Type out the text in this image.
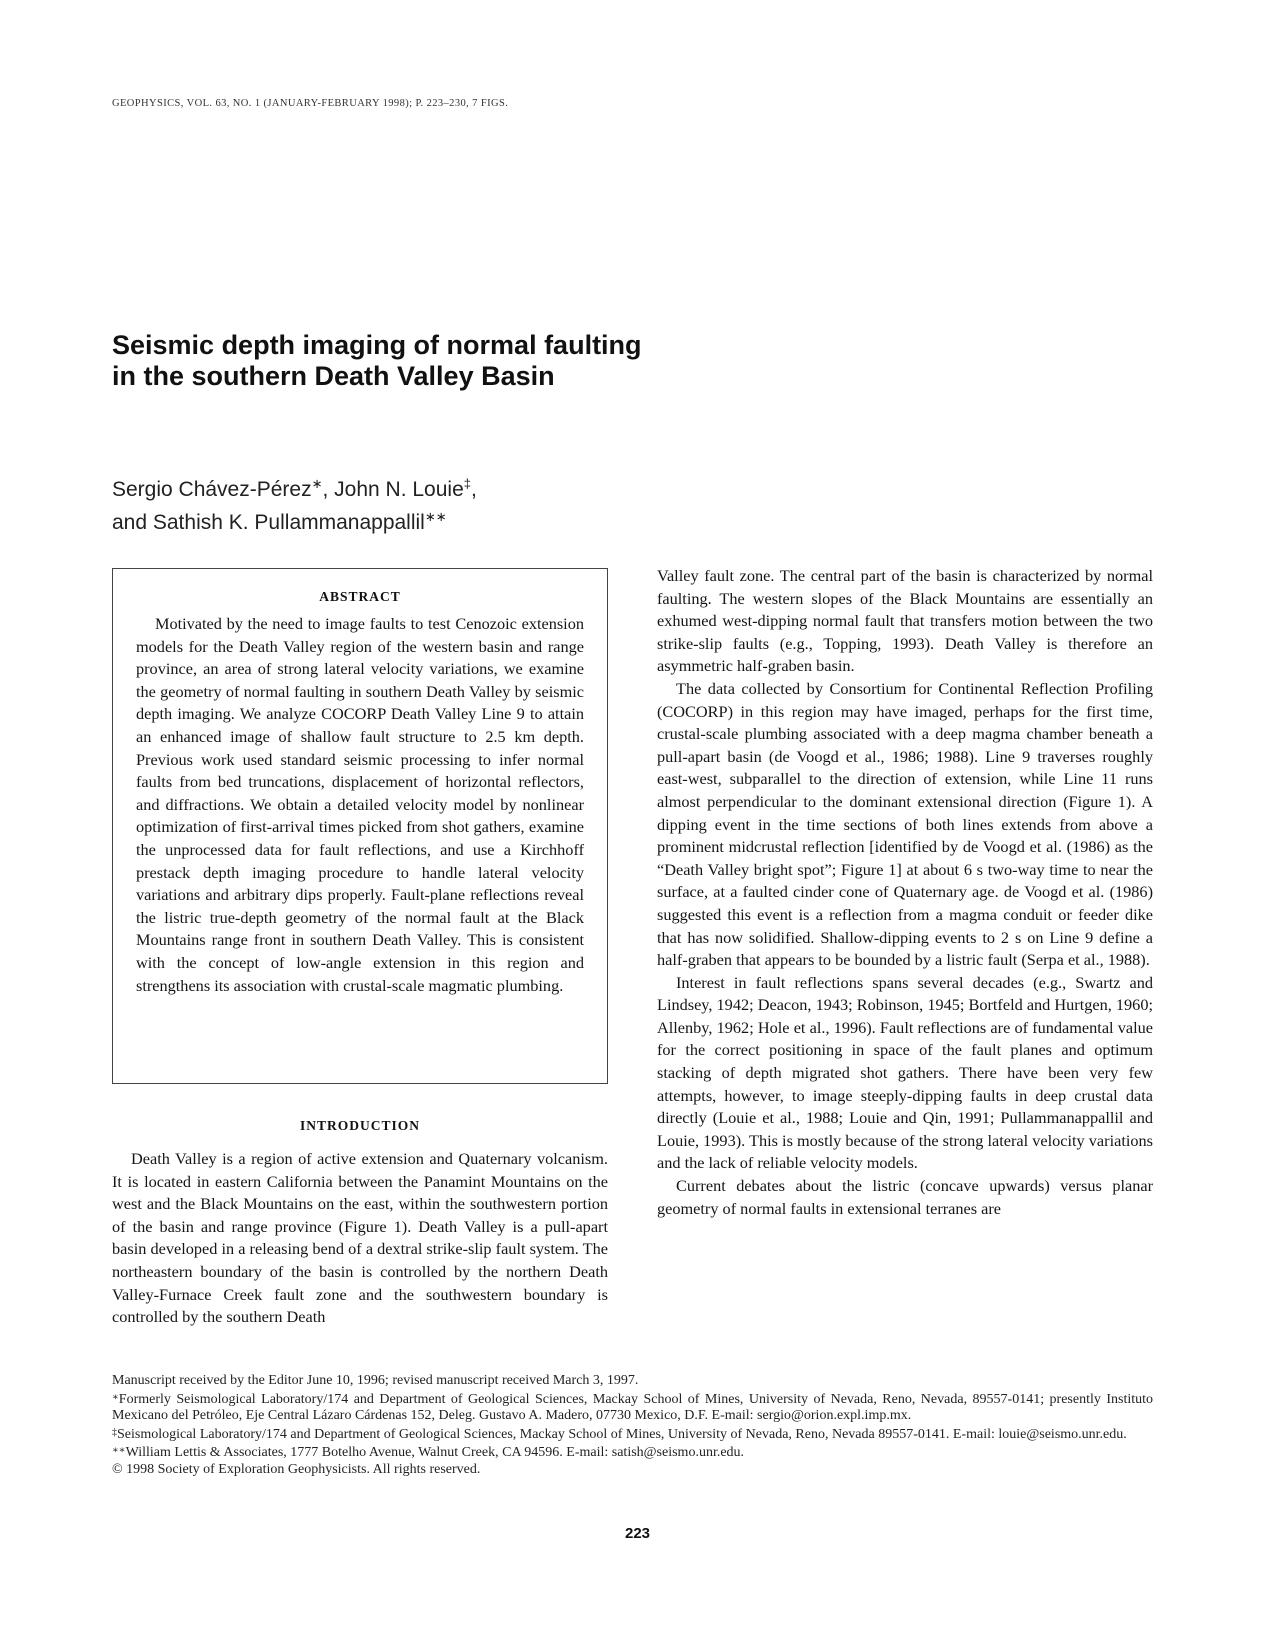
GEOPHYSICS, VOL. 63, NO. 1 (JANUARY-FEBRUARY 1998); P. 223–230, 7 FIGS.
Seismic depth imaging of normal faulting
in the southern Death Valley Basin
Sergio Chávez-Pérez∗, John N. Louie‡,
and Sathish K. Pullammanappallil∗∗

ABSTRACT

Motivated by the need to image faults to test Cenozoic extension models for the Death Valley region of the western basin and range province, an area of strong lateral velocity variations, we examine the geometry of normal faulting in southern Death Valley by seismic depth imaging. We analyze COCORP Death Valley Line 9 to attain an enhanced image of shallow fault structure to 2.5 km depth. Previous work used standard seismic processing to infer normal faults from bed truncations, displacement of horizontal reflectors, and diffractions. We obtain a detailed velocity model by nonlinear optimization of first-arrival times picked from shot gathers, examine the unprocessed data for fault reflections, and use a Kirchhoff prestack depth imaging procedure to handle lateral velocity variations and arbitrary dips properly. Fault-plane reflections reveal the listric true-depth geometry of the normal fault at the Black Mountains range front in southern Death Valley. This is consistent with the concept of low-angle extension in this region and strengthens its association with crustal-scale magmatic plumbing.

INTRODUCTION

Death Valley is a region of active extension and Quaternary volcanism. It is located in eastern California between the Panamint Mountains on the west and the Black Mountains on the east, within the southwestern portion of the basin and range province (Figure 1). Death Valley is a pull-apart basin developed in a releasing bend of a dextral strike-slip fault system. The northeastern boundary of the basin is controlled by the northern Death Valley-Furnace Creek fault zone and the southwestern boundary is controlled by the southern Death

Valley fault zone. The central part of the basin is characterized by normal faulting. The western slopes of the Black Mountains are essentially an exhumed west-dipping normal fault that transfers motion between the two strike-slip faults (e.g., Topping, 1993). Death Valley is therefore an asymmetric half-graben basin.

The data collected by Consortium for Continental Reflection Profiling (COCORP) in this region may have imaged, perhaps for the first time, crustal-scale plumbing associated with a deep magma chamber beneath a pull-apart basin (de Voogd et al., 1986; 1988). Line 9 traverses roughly east-west, subparallel to the direction of extension, while Line 11 runs almost perpendicular to the dominant extensional direction (Figure 1). A dipping event in the time sections of both lines extends from above a prominent midcrustal reflection [identified by de Voogd et al. (1986) as the “Death Valley bright spot”; Figure 1] at about 6 s two-way time to near the surface, at a faulted cinder cone of Quaternary age. de Voogd et al. (1986) suggested this event is a reflection from a magma conduit or feeder dike that has now solidified. Shallow-dipping events to 2 s on Line 9 define a half-graben that appears to be bounded by a listric fault (Serpa et al., 1988).

Interest in fault reflections spans several decades (e.g., Swartz and Lindsey, 1942; Deacon, 1943; Robinson, 1945; Bortfeld and Hurtgen, 1960; Allenby, 1962; Hole et al., 1996). Fault reflections are of fundamental value for the correct positioning in space of the fault planes and optimum stacking of depth migrated shot gathers. There have been very few attempts, however, to image steeply-dipping faults in deep crustal data directly (Louie et al., 1988; Louie and Qin, 1991; Pullammanappallil and Louie, 1993). This is mostly because of the strong lateral velocity variations and the lack of reliable velocity models.

Current debates about the listric (concave upwards) versus planar geometry of normal faults in extensional terranes are

Manuscript received by the Editor June 10, 1996; revised manuscript received March 3, 1997.

∗Formerly Seismological Laboratory/174 and Department of Geological Sciences, Mackay School of Mines, University of Nevada, Reno, Nevada, 89557-0141; presently Instituto Mexicano del Petróleo, Eje Central Lázaro Cárdenas 152, Deleg. Gustavo A. Madero, 07730 Mexico, D.F. E-mail: sergio@orion.expl.imp.mx.

‡Seismological Laboratory/174 and Department of Geological Sciences, Mackay School of Mines, University of Nevada, Reno, Nevada 89557-0141. E-mail: louie@seismo.unr.edu.

∗∗William Lettis & Associates, 1777 Botelho Avenue, Walnut Creek, CA 94596. E-mail: satish@seismo.unr.edu.

© 1998 Society of Exploration Geophysicists. All rights reserved.

223
